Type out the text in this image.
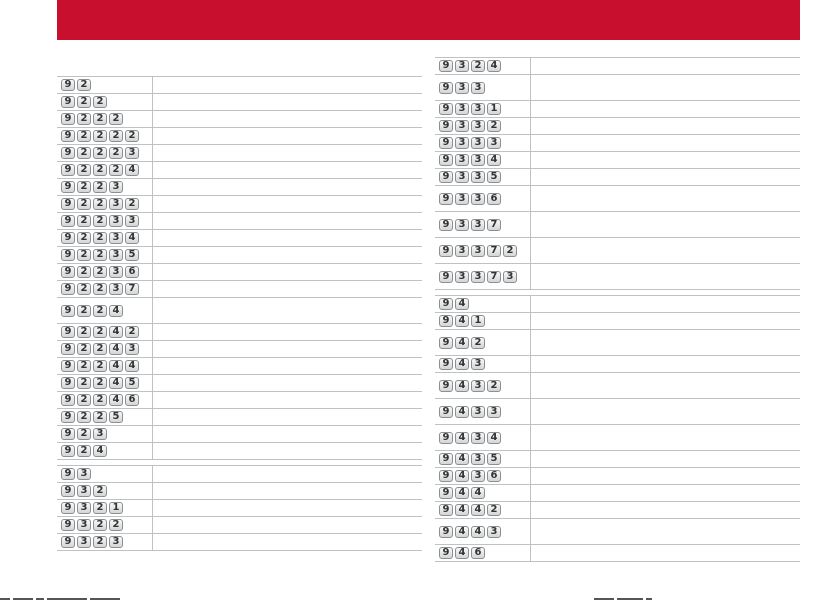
9 2
9 2 2
9 2 2 2
9 2 2 2 2
9 2 2 2 3
9 2 2 2 4
9 2 2 3
9 2 2 3 2
9 2 2 3 3
9 2 2 3 4
9 2 2 3 5
9 2 2 3 6
9 2 2 3 7
9 2 2 4
9 2 2 4 2
9 2 2 4 3
9 2 2 4 4
9 2 2 4 5
9 2 2 4 6
9 2 2 5
9 2 3
9 2 4
9 3
9 3 2
9 3 2 1
9 3 2 2
9 3 2 3
9 3 2 4
9 3 3
9 3 3 1
9 3 3 2
9 3 3 3
9 3 3 4
9 3 3 5
9 3 3 6
9 3 3 7
9 3 3 7 2
9 3 3 7 3
9 4
9 4 1
9 4 2
9 4 3
9 4 3 2
9 4 3 3
9 4 3 4
9 4 3 5
9 4 3 6
9 4 4
9 4 4 2
9 4 4 3
9 4 6
